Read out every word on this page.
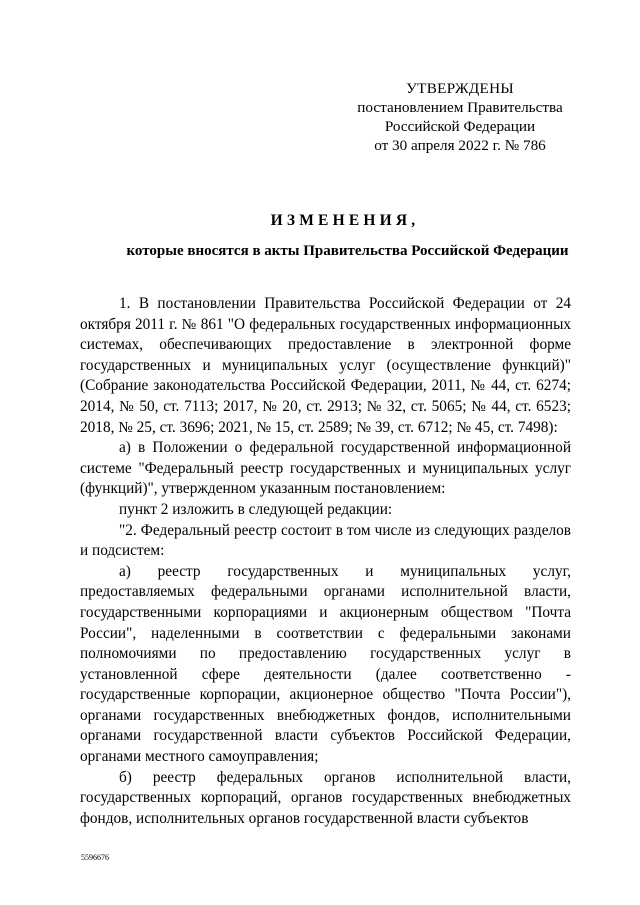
УТВЕРЖДЕНЫ
постановлением Правительства
Российской Федерации
от 30 апреля 2022 г. № 786
ИЗМЕНЕНИЯ,
которые вносятся в акты Правительства Российской Федерации

1. В постановлении Правительства Российской Федерации от 24 октября 2011 г. № 861 "О федеральных государственных информационных системах, обеспечивающих предоставление в электронной форме государственных и муниципальных услуг (осуществление функций)" (Собрание законодательства Российской Федерации, 2011, № 44, ст. 6274; 2014, № 50, ст. 7113; 2017, № 20, ст. 2913; № 32, ст. 5065; № 44, ст. 6523; 2018, № 25, ст. 3696; 2021, № 15, ст. 2589; № 39, ст. 6712; № 45, ст. 7498):

а) в Положении о федеральной государственной информационной системе "Федеральный реестр государственных и муниципальных услуг (функций)", утвержденном указанным постановлением:

пункт 2 изложить в следующей редакции:

"2. Федеральный реестр состоит в том числе из следующих разделов и подсистем:

а) реестр государственных и муниципальных услуг, предоставляемых федеральными органами исполнительной власти, государственными корпорациями и акционерным обществом "Почта России", наделенными в соответствии с федеральными законами полномочиями по предоставлению государственных услуг в установленной сфере деятельности (далее соответственно - государственные корпорации, акционерное общество "Почта России"), органами государственных внебюджетных фондов, исполнительными органами государственной власти субъектов Российской Федерации, органами местного самоуправления;

б) реестр федеральных органов исполнительной власти, государственных корпораций, органов государственных внебюджетных фондов, исполнительных органов государственной власти субъектов

5596676
